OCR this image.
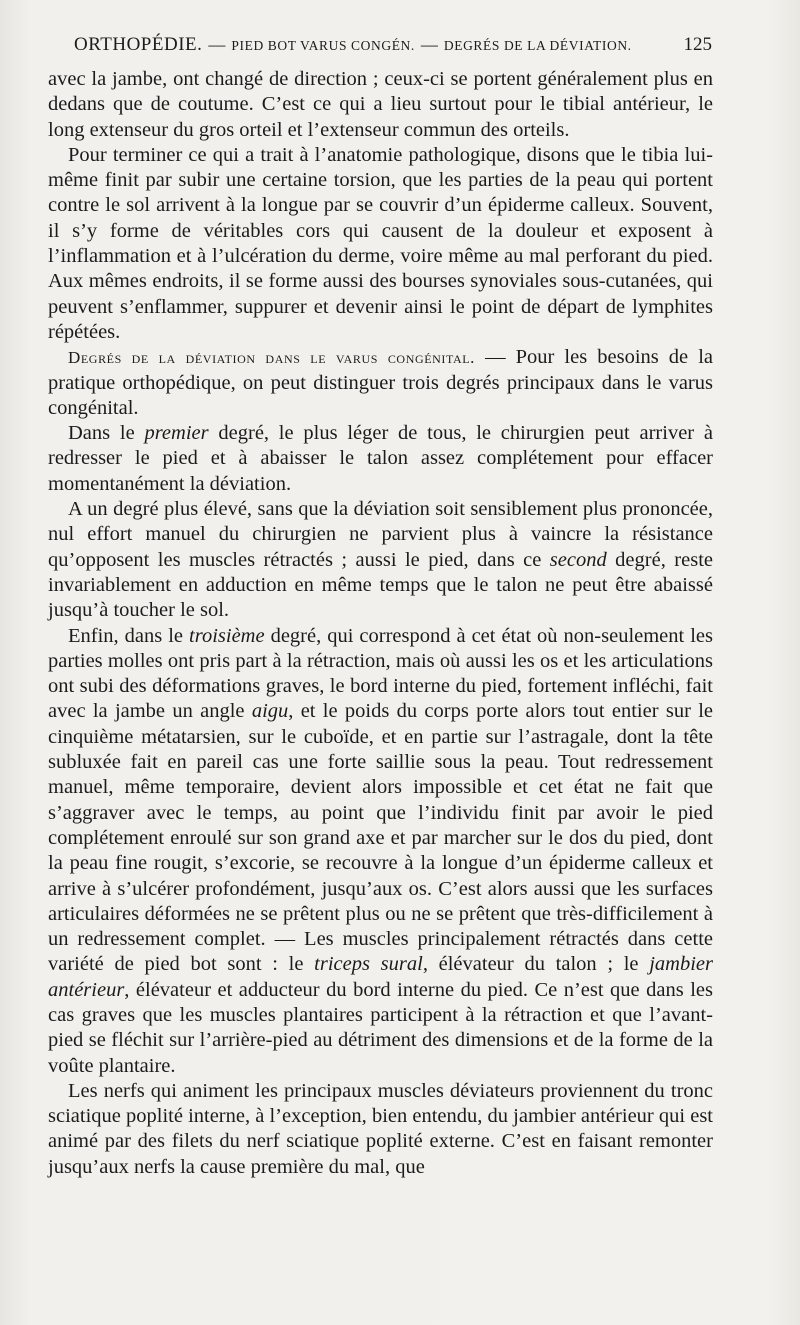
ORTHOPÉDIE. — PIED BOT VARUS CONGÉN. — DEGRÉS DE LA DÉVIATION.	125

avec la jambe, ont changé de direction ; ceux-ci se portent généralement plus en dedans que de coutume. C’est ce qui a lieu surtout pour le tibial antérieur, le long extenseur du gros orteil et l’extenseur commun des orteils.

Pour terminer ce qui a trait à l’anatomie pathologique, disons que le tibia lui-même finit par subir une certaine torsion, que les parties de la peau qui portent contre le sol arrivent à la longue par se couvrir d’un épiderme calleux. Souvent, il s’y forme de véritables cors qui causent de la douleur et exposent à l’inflammation et à l’ulcération du derme, voire même au mal perforant du pied. Aux mêmes endroits, il se forme aussi des bourses synoviales sous-cutanées, qui peuvent s’enflammer, suppurer et devenir ainsi le point de départ de lymphites répétées.

Degrés de la déviation dans le varus congénital. — Pour les besoins de la pratique orthopédique, on peut distinguer trois degrés principaux dans le varus congénital.

Dans le premier degré, le plus léger de tous, le chirurgien peut arriver à redresser le pied et à abaisser le talon assez complétement pour effacer momentanément la déviation.

A un degré plus élevé, sans que la déviation soit sensiblement plus prononcée, nul effort manuel du chirurgien ne parvient plus à vaincre la résistance qu’opposent les muscles rétractés ; aussi le pied, dans ce second degré, reste invariablement en adduction en même temps que le talon ne peut être abaissé jusqu’à toucher le sol.

Enfin, dans le troisième degré, qui correspond à cet état où non-seulement les parties molles ont pris part à la rétraction, mais où aussi les os et les articulations ont subi des déformations graves, le bord interne du pied, fortement infléchi, fait avec la jambe un angle aigu, et le poids du corps porte alors tout entier sur le cinquième métatarsien, sur le cuboïde, et en partie sur l’astragale, dont la tête subluxée fait en pareil cas une forte saillie sous la peau. Tout redressement manuel, même temporaire, devient alors impossible et cet état ne fait que s’aggraver avec le temps, au point que l’individu finit par avoir le pied complétement enroulé sur son grand axe et par marcher sur le dos du pied, dont la peau fine rougit, s’excorie, se recouvre à la longue d’un épiderme calleux et arrive à s’ulcérer profondément, jusqu’aux os. C’est alors aussi que les surfaces articulaires déformées ne se prêtent plus ou ne se prêtent que très-difficilement à un redressement complet. — Les muscles principalement rétractés dans cette variété de pied bot sont : le triceps sural, élévateur du talon ; le jambier antérieur, élévateur et adducteur du bord interne du pied. Ce n’est que dans les cas graves que les muscles plantaires participent à la rétraction et que l’avant-pied se fléchit sur l’arrière-pied au détriment des dimensions et de la forme de la voûte plantaire.

Les nerfs qui animent les principaux muscles déviateurs proviennent du tronc sciatique poplité interne, à l’exception, bien entendu, du jambier antérieur qui est animé par des filets du nerf sciatique poplité externe. C’est en faisant remonter jusqu’aux nerfs la cause première du mal, que
